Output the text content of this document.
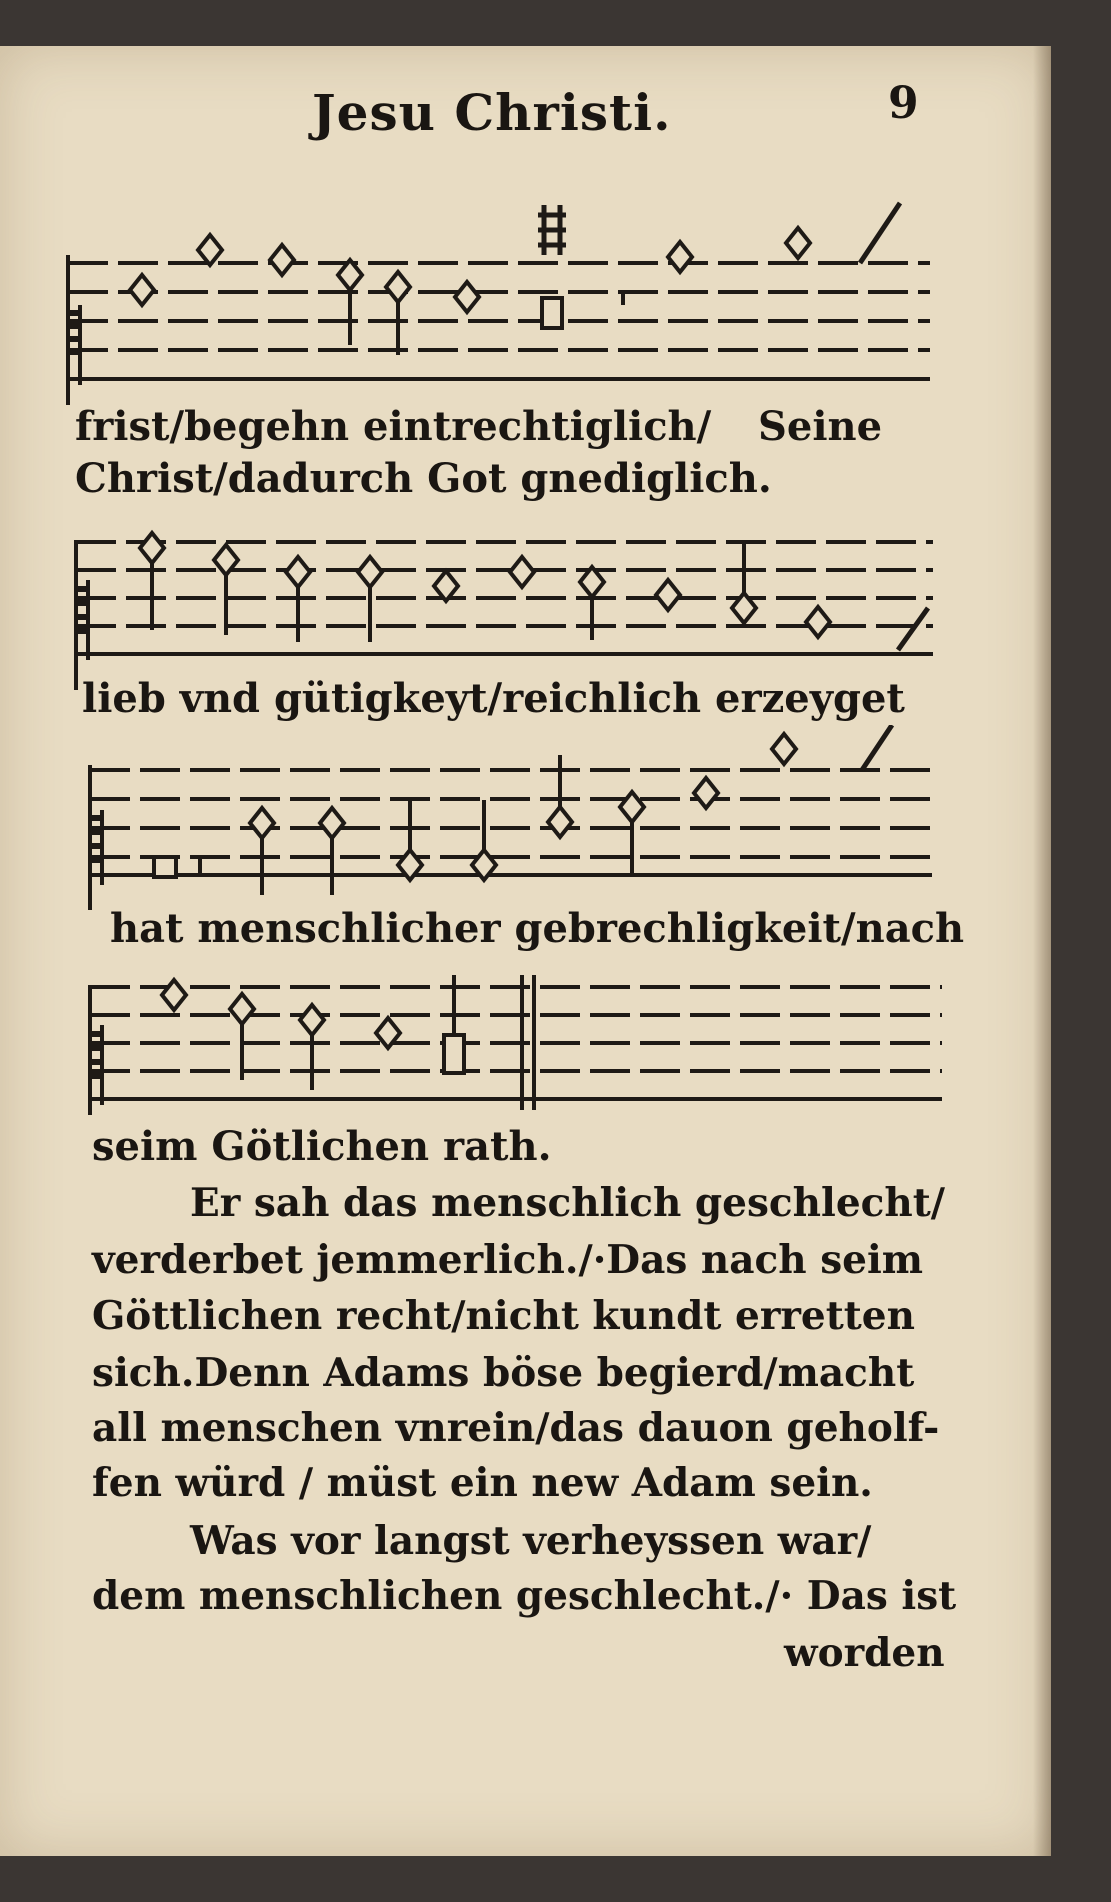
Jesu Christi.	9
frist/begehn eintrechtiglich/ Seine
Christ/dadurch Got gnediglich.
lieb vnd gütigkeyt/reichlich erzeyget
hat menschlicher gebrechligkeit/nach
seim Götlichen rath.
Er sah das menschlich geschlecht/
verderbet jemmerlich./·Das nach seim
Göttlichen recht/nicht kundt erretten
sich.Denn Adams böse begierd/macht
all menschen vnrein/das dauon geholf-
fen würd / müst ein new Adam sein.
Was vor langst verheyssen war/
dem menschlichen geschlecht./· Das ist
worden
